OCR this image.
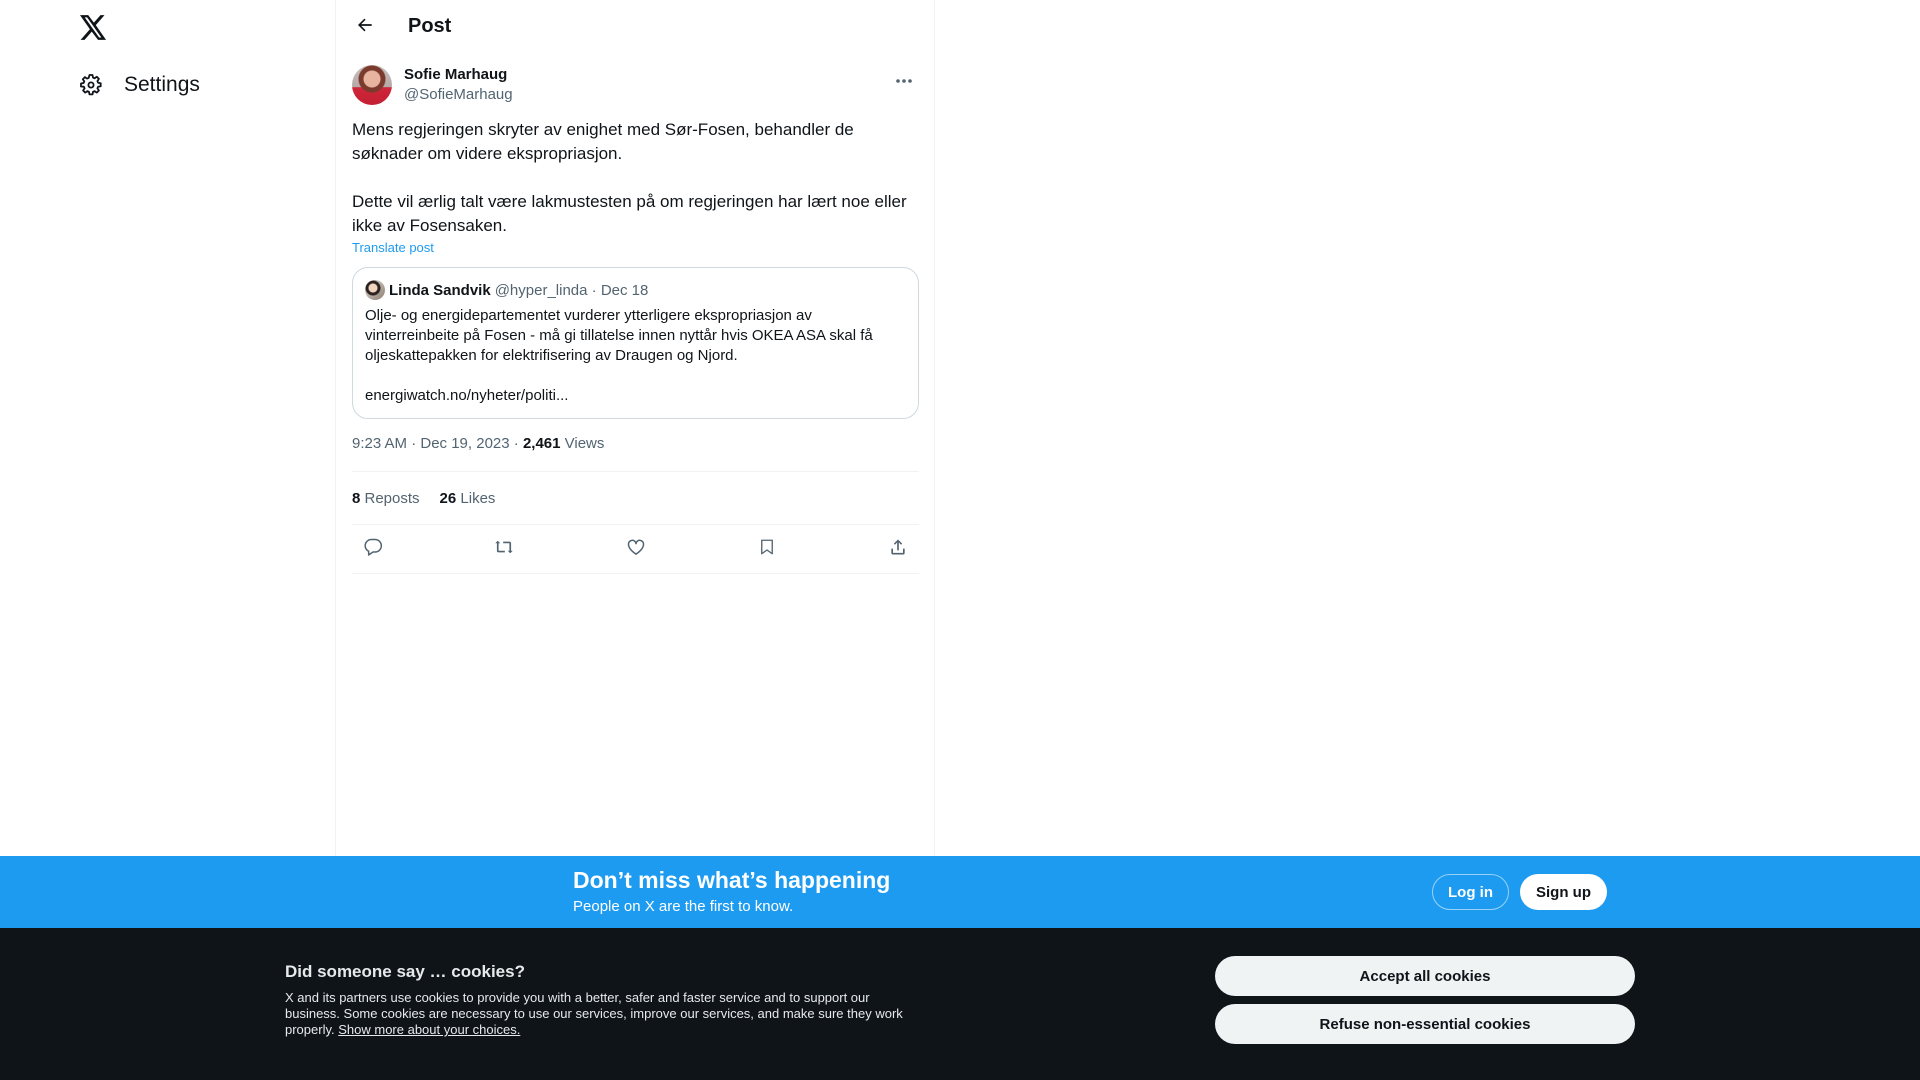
Settings
Post
Sofie Marhaug
@SofieMarhaug
Mens regjeringen skryter av enighet med Sør-Fosen, behandler de søknader om videre ekspropriasjon.

Dette vil ærlig talt være lakmustesten på om regjeringen har lært noe eller ikke av Fosensaken.
Translate post
Linda Sandvik @hyper_linda · Dec 18
Olje- og energidepartementet vurderer ytterligere ekspropriasjon av vinterreinbeite på Fosen - må gi tillatelse innen nyttår hvis OKEA ASA skal få oljeskattepakken for elektrifisering av Draugen og Njord.

energiwatch.no/nyheter/politi...
9:23 AM · Dec 19, 2023 · 2,461 Views
8 Reposts 26 Likes
Don’t miss what’s happening
People on X are the first to know.
Log in	Sign up
Did someone say … cookies?
X and its partners use cookies to provide you with a better, safer and faster service and to support our business. Some cookies are necessary to use our services, improve our services, and make sure they work properly. Show more about your choices.
Accept all cookies
Refuse non-essential cookies
